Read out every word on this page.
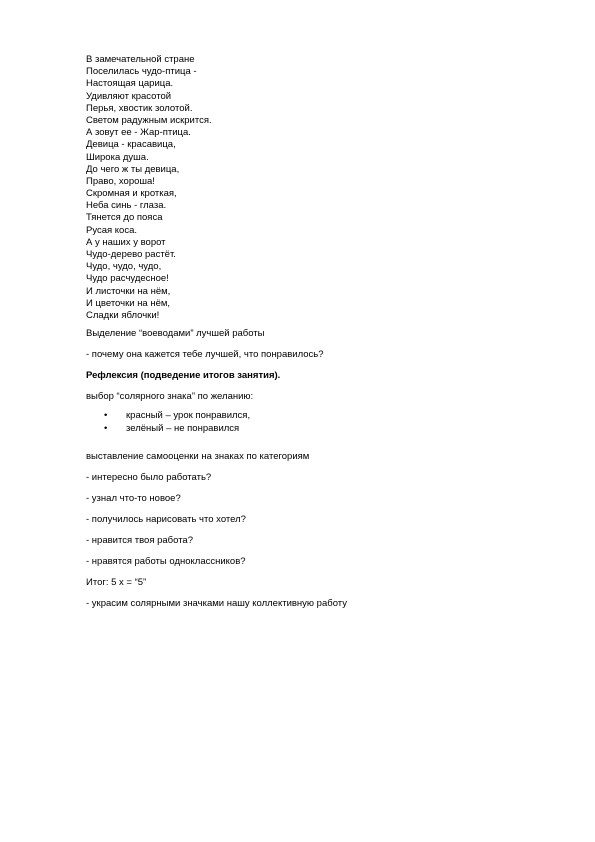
В замечательной стране
Поселилась чудо-птица -
Настоящая царица.
Удивляют красотой
Перья, хвостик золотой.
Светом радужным искрится.
А зовут ее - Жар-птица.
Девица - красавица,
Широка душа.
До чего ж ты девица,
Право, хороша!
Скромная и кроткая,
Неба синь - глаза.
Тянется до пояса
Русая коса.
А у наших у ворот
Чудо-дерево растёт.
Чудо, чудо, чудо,
Чудо расчудесное!
И листочки на нём,
И цветочки на нём,
Сладки яблочки!
Выделение “воеводами” лучшей работы
- почему она кажется тебе лучшей, что понравилось?
Рефлексия (подведение итогов занятия).
выбор “солярного знака” по желанию:
• красный – урок понравился,
• зелёный – не понравился
выставление самооценки на знаках по категориям
- интересно было работать?
- узнал что-то новое?
- получилось нарисовать что хотел?
- нравится твоя работа?
- нравятся работы одноклассников?
Итог: 5 х = “5”
- украсим солярными значками нашу коллективную работу
